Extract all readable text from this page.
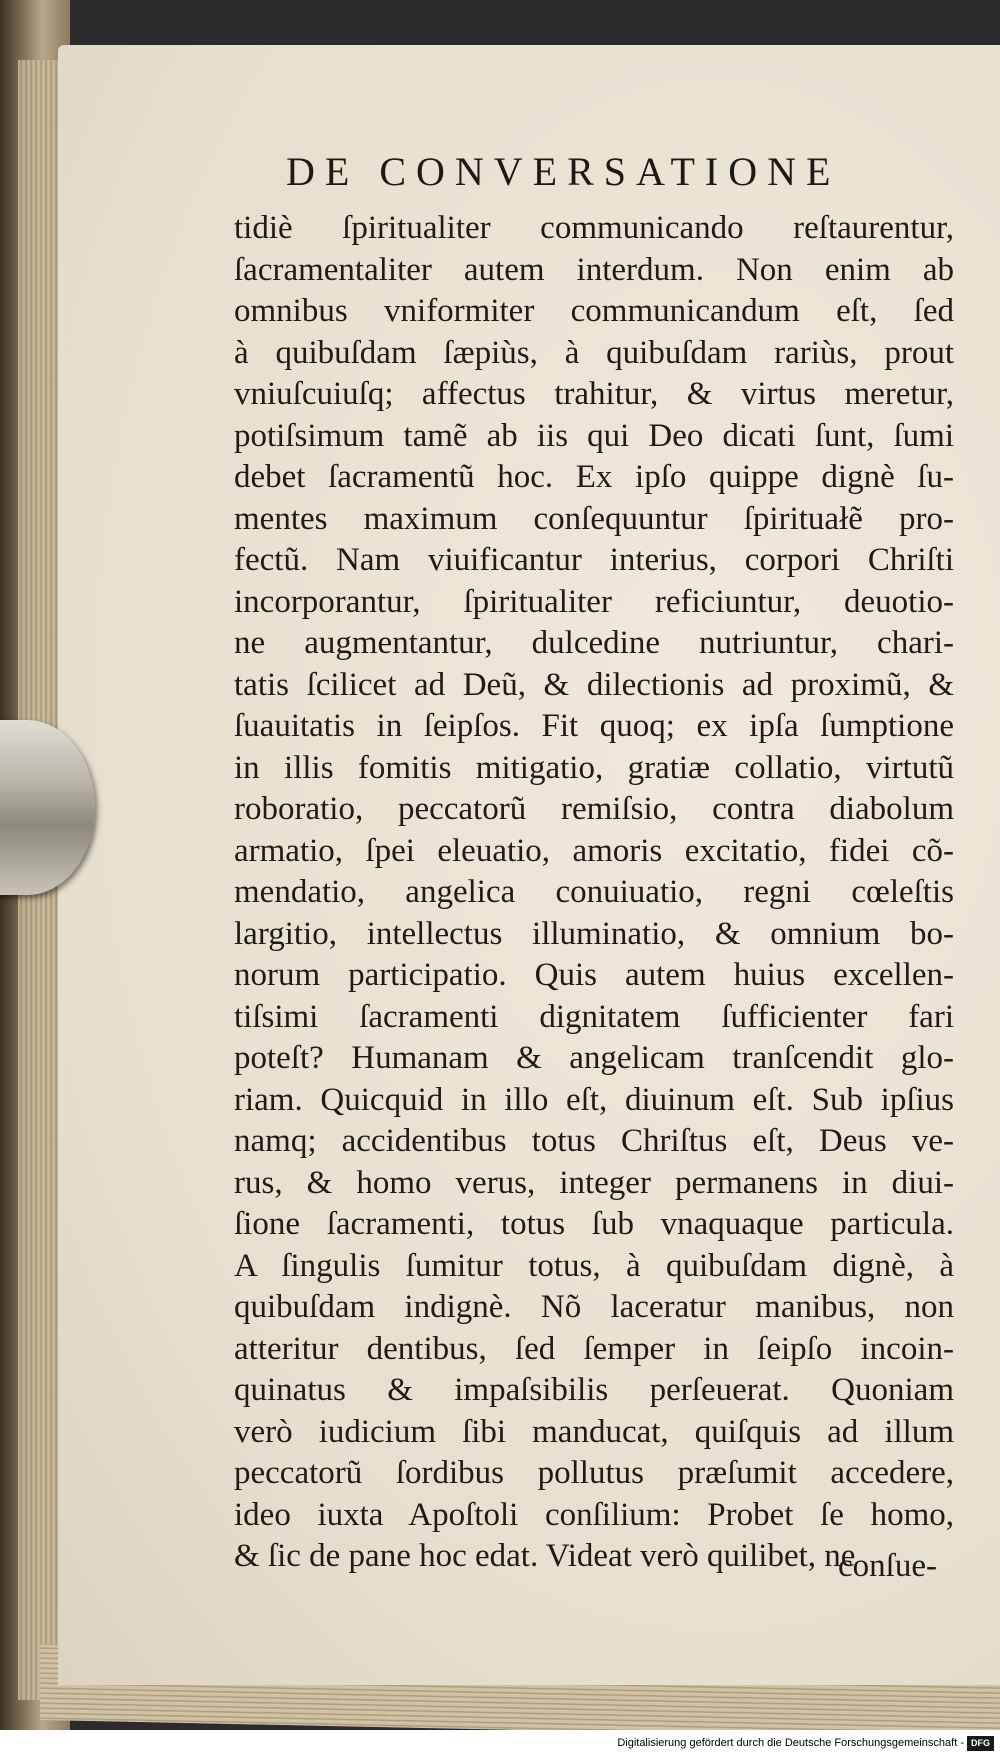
DE CONVERSATIONE
tidiè ſpiritualiter communicando reſtaurentur,
ſacramentaliter autem interdum. Non enim ab
omnibus vniformiter communicandum eſt, ſed
à quibuſdam ſæpiùs, à quibuſdam rariùs, prout
vniuſcuiuſq; affectus trahitur, & virtus meretur,
potiſsimum tamẽ ab iis qui Deo dicati ſunt, ſumi
debet ſacramentũ hoc. Ex ipſo quippe dignè ſu-
mentes maximum conſequuntur ſpirituałẽ pro-
fectũ. Nam viuificantur interius, corpori Chriſti
incorporantur, ſpiritualiter reficiuntur, deuotio-
ne augmentantur, dulcedine nutriuntur, chari-
tatis ſcilicet ad Deũ, & dilectionis ad proximũ, &
ſuauitatis in ſeipſos. Fit quoq; ex ipſa ſumptione
in illis fomitis mitigatio, gratiæ collatio, virtutũ
roboratio, peccatorũ remiſsio, contra diabolum
armatio, ſpei eleuatio, amoris excitatio, fidei cõ-
mendatio, angelica conuiuatio, regni cœleſtis
largitio, intellectus illuminatio, & omnium bo-
norum participatio. Quis autem huius excellen-
tiſsimi ſacramenti dignitatem ſufficienter fari
poteſt? Humanam & angelicam tranſcendit glo-
riam. Quicquid in illo eſt, diuinum eſt. Sub ipſius
namq; accidentibus totus Chriſtus eſt, Deus ve-
rus, & homo verus, integer permanens in diui-
ſione ſacramenti, totus ſub vnaquaque particula.
A ſingulis ſumitur totus, à quibuſdam dignè, à
quibuſdam indignè. Nõ laceratur manibus, non
atteritur dentibus, ſed ſemper in ſeipſo incoin-
quinatus & impaſsibilis perſeuerat. Quoniam
verò iudicium ſibi manducat, quiſquis ad illum
peccatorũ ſordibus pollutus præſumit accedere,
ideo iuxta Apoſtoli conſilium: Probet ſe homo,
& ſic de pane hoc edat. Videat verò quilibet, ne
conſue-
Digitalisierung gefördert durch die Deutsche Forschungsgemeinschaft - DFG
